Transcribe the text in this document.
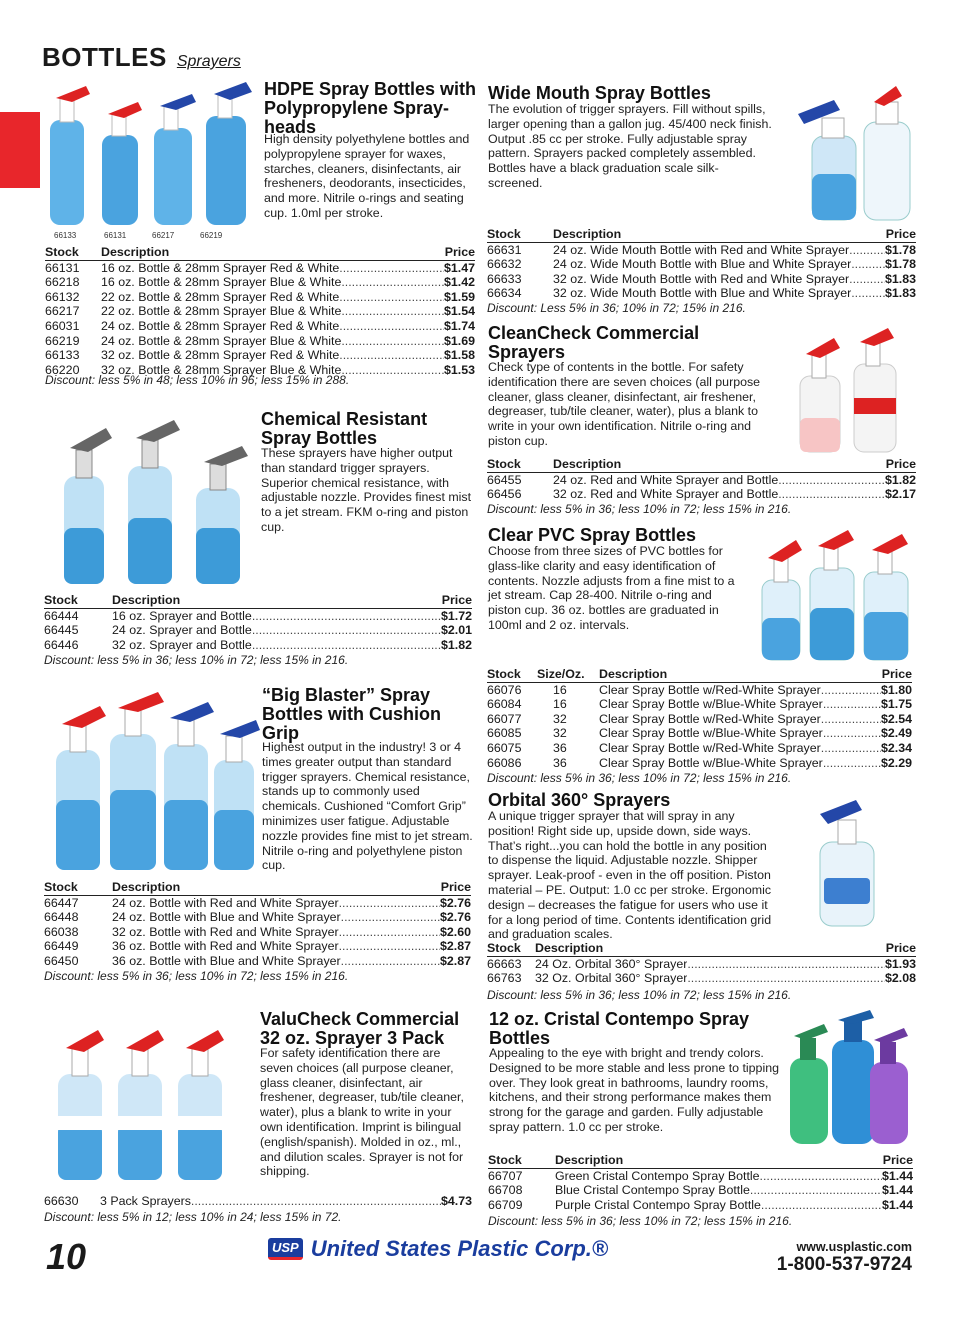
BOTTLES Sprayers
66133	66131	66217	66219
HDPE Spray Bottles with Polypropylene Spray-heads
High density polyethylene bottles and polypropylene sprayer for waxes, starches, cleaners, disinfectants, air fresheners, deodorants, insecticides, and more. Nitrile o-rings and seating cup. 1.0ml per stroke.
Stock	Description	Price
66131	16 oz. Bottle & 28mm Sprayer Red & White .....	$1.47
66218	16 oz. Bottle & 28mm Sprayer Blue & White .....	$1.42
66132	22 oz. Bottle & 28mm Sprayer Red & White .....	$1.59
66217	22 oz. Bottle & 28mm Sprayer Blue & White .....	$1.54
66031	24 oz. Bottle & 28mm Sprayer Red & White .....	$1.74
66219	24 oz. Bottle & 28mm Sprayer Blue & White .....	$1.69
66133	32 oz. Bottle & 28mm Sprayer Red & White .....	$1.58
66220	32 oz. Bottle & 28mm Sprayer Blue & White .....	$1.53
Discount: less 5% in 48; less 10% in 96; less 15% in 288.
Chemical Resistant Spray Bottles
These sprayers have higher output than standard trigger sprayers. Superior chemical resistance, with adjustable nozzle. Provides finest mist to a jet stream. FKM o-ring and piston cup.
Stock	Description	Price
66444	16 oz. Sprayer and Bottle .....	$1.72
66445	24 oz. Sprayer and Bottle .....	$2.01
66446	32 oz. Sprayer and Bottle .....	$1.82
Discount: less 5% in 36; less 10% in 72; less 15% in 216.
“Big Blaster” Spray Bottles with Cushion Grip
Highest output in the industry! 3 or 4 times greater output than standard trigger sprayers. Chemical resistance, stands up to commonly used chemicals. Cushioned “Comfort Grip” minimizes user fatigue. Adjustable nozzle provides fine mist to jet stream. Nitrile o-ring and polyethylene piston cup.
Stock	Description	Price
66447	24 oz. Bottle with Red and White Sprayer .....	$2.76
66448	24 oz. Bottle with Blue and White Sprayer .....	$2.76
66038	32 oz. Bottle with Red and White Sprayer .....	$2.60
66449	36 oz. Bottle with Red and White Sprayer .....	$2.87
66450	36 oz. Bottle with Blue and White Sprayer .....	$2.87
Discount: less 5% in 36; less 10% in 72; less 15% in 216.
ValuCheck Commercial 32 oz. Sprayer 3 Pack
For safety identification there are seven choices (all purpose cleaner, glass cleaner, disinfectant, air freshener, degreaser, tub/tile cleaner, water), plus a blank to write in your own identification. Imprint is bilingual (english/spanish). Molded in oz., ml., and dilution scales. Sprayer is not for shipping.
66630	3 Pack Sprayers .....	$4.73
Discount: less 5% in 12; less 10% in 24; less 15% in 72.
Wide Mouth Spray Bottles
The evolution of trigger sprayers. Fill without spills, larger opening than a gallon jug. 45/400 neck finish. Output .85 cc per stroke. Fully adjustable spray pattern. Sprayers packed completely assembled. Bottles have a black graduation scale silk-screened.
Stock	Description	Price
66631	24 oz. Wide Mouth Bottle with Red and White Sprayer .....	$1.78
66632	24 oz. Wide Mouth Bottle with Blue and White Sprayer .....	$1.78
66633	32 oz. Wide Mouth Bottle with Red and White Sprayer .....	$1.83
66634	32 oz. Wide Mouth Bottle with Blue and White Sprayer .....	$1.83
Discount: Less 5% in 36; 10% in 72; 15% in 216.
CleanCheck Commercial Sprayers
Check type of contents in the bottle. For safety identification there are seven choices (all purpose cleaner, glass cleaner, disinfectant, air freshener, degreaser, tub/tile cleaner, water), plus a blank to write in your own identification. Nitrile o-ring and piston cup.
Stock	Description	Price
66455	24 oz. Red and White Sprayer and Bottle .....	$1.82
66456	32 oz. Red and White Sprayer and Bottle .....	$2.17
Discount: less 5% in 36; less 10% in 72; less 15% in 216.
Clear PVC Spray Bottles
Choose from three sizes of PVC bottles for glass-like clarity and easy identification of contents. Nozzle adjusts from a fine mist to a jet stream. Cap 28-400. Nitrile o-ring and piston cup. 36 oz. bottles are graduated in 100ml and 2 oz. intervals.
Stock	Size/Oz.	Description	Price
66076	16	Clear Spray Bottle w/Red-White Sprayer .....	$1.80
66084	16	Clear Spray Bottle w/Blue-White Sprayer .....	$1.75
66077	32	Clear Spray Bottle w/Red-White Sprayer .....	$2.54
66085	32	Clear Spray Bottle w/Blue-White Sprayer .....	$2.49
66075	36	Clear Spray Bottle w/Red-White Sprayer .....	$2.34
66086	36	Clear Spray Bottle w/Blue-White Sprayer .....	$2.29
Discount: less 5% in 36; less 10% in 72; less 15% in 216.
Orbital 360° Sprayers
A unique trigger sprayer that will spray in any position! Right side up, upside down, side ways. That’s right...you can hold the bottle in any position to dispense the liquid. Adjustable nozzle. Shipper sprayer. Leak-proof - even in the off position. Piston material – PE. Output: 1.0 cc per stroke. Ergonomic design – decreases the fatigue for users who use it for a long period of time. Contents identification grid and graduation scales.
Stock	Description	Price
66663	24 Oz. Orbital 360° Sprayer .....	$1.93
66763	32 Oz. Orbital 360° Sprayer .....	$2.08
Discount: less 5% in 36; less 10% in 72; less 15% in 216.
12 oz. Cristal Contempo Spray Bottles
Appealing to the eye with bright and trendy colors. Designed to be more stable and less prone to tipping over. They look great in bathrooms, laundry rooms, kitchens, and their strong performance makes them strong for the garage and garden. Fully adjustable spray pattern. 1.0 cc per stroke.
Stock	Description	Price
66707	Green Cristal Contempo Spray Bottle .....	$1.44
66708	Blue Cristal Contempo Spray Bottle .....	$1.44
66709	Purple Cristal Contempo Spray Bottle .....	$1.44
Discount: less 5% in 36; less 10% in 72; less 15% in 216.
10	USP United States Plastic Corp.®	www.usplastic.com
1-800-537-9724
